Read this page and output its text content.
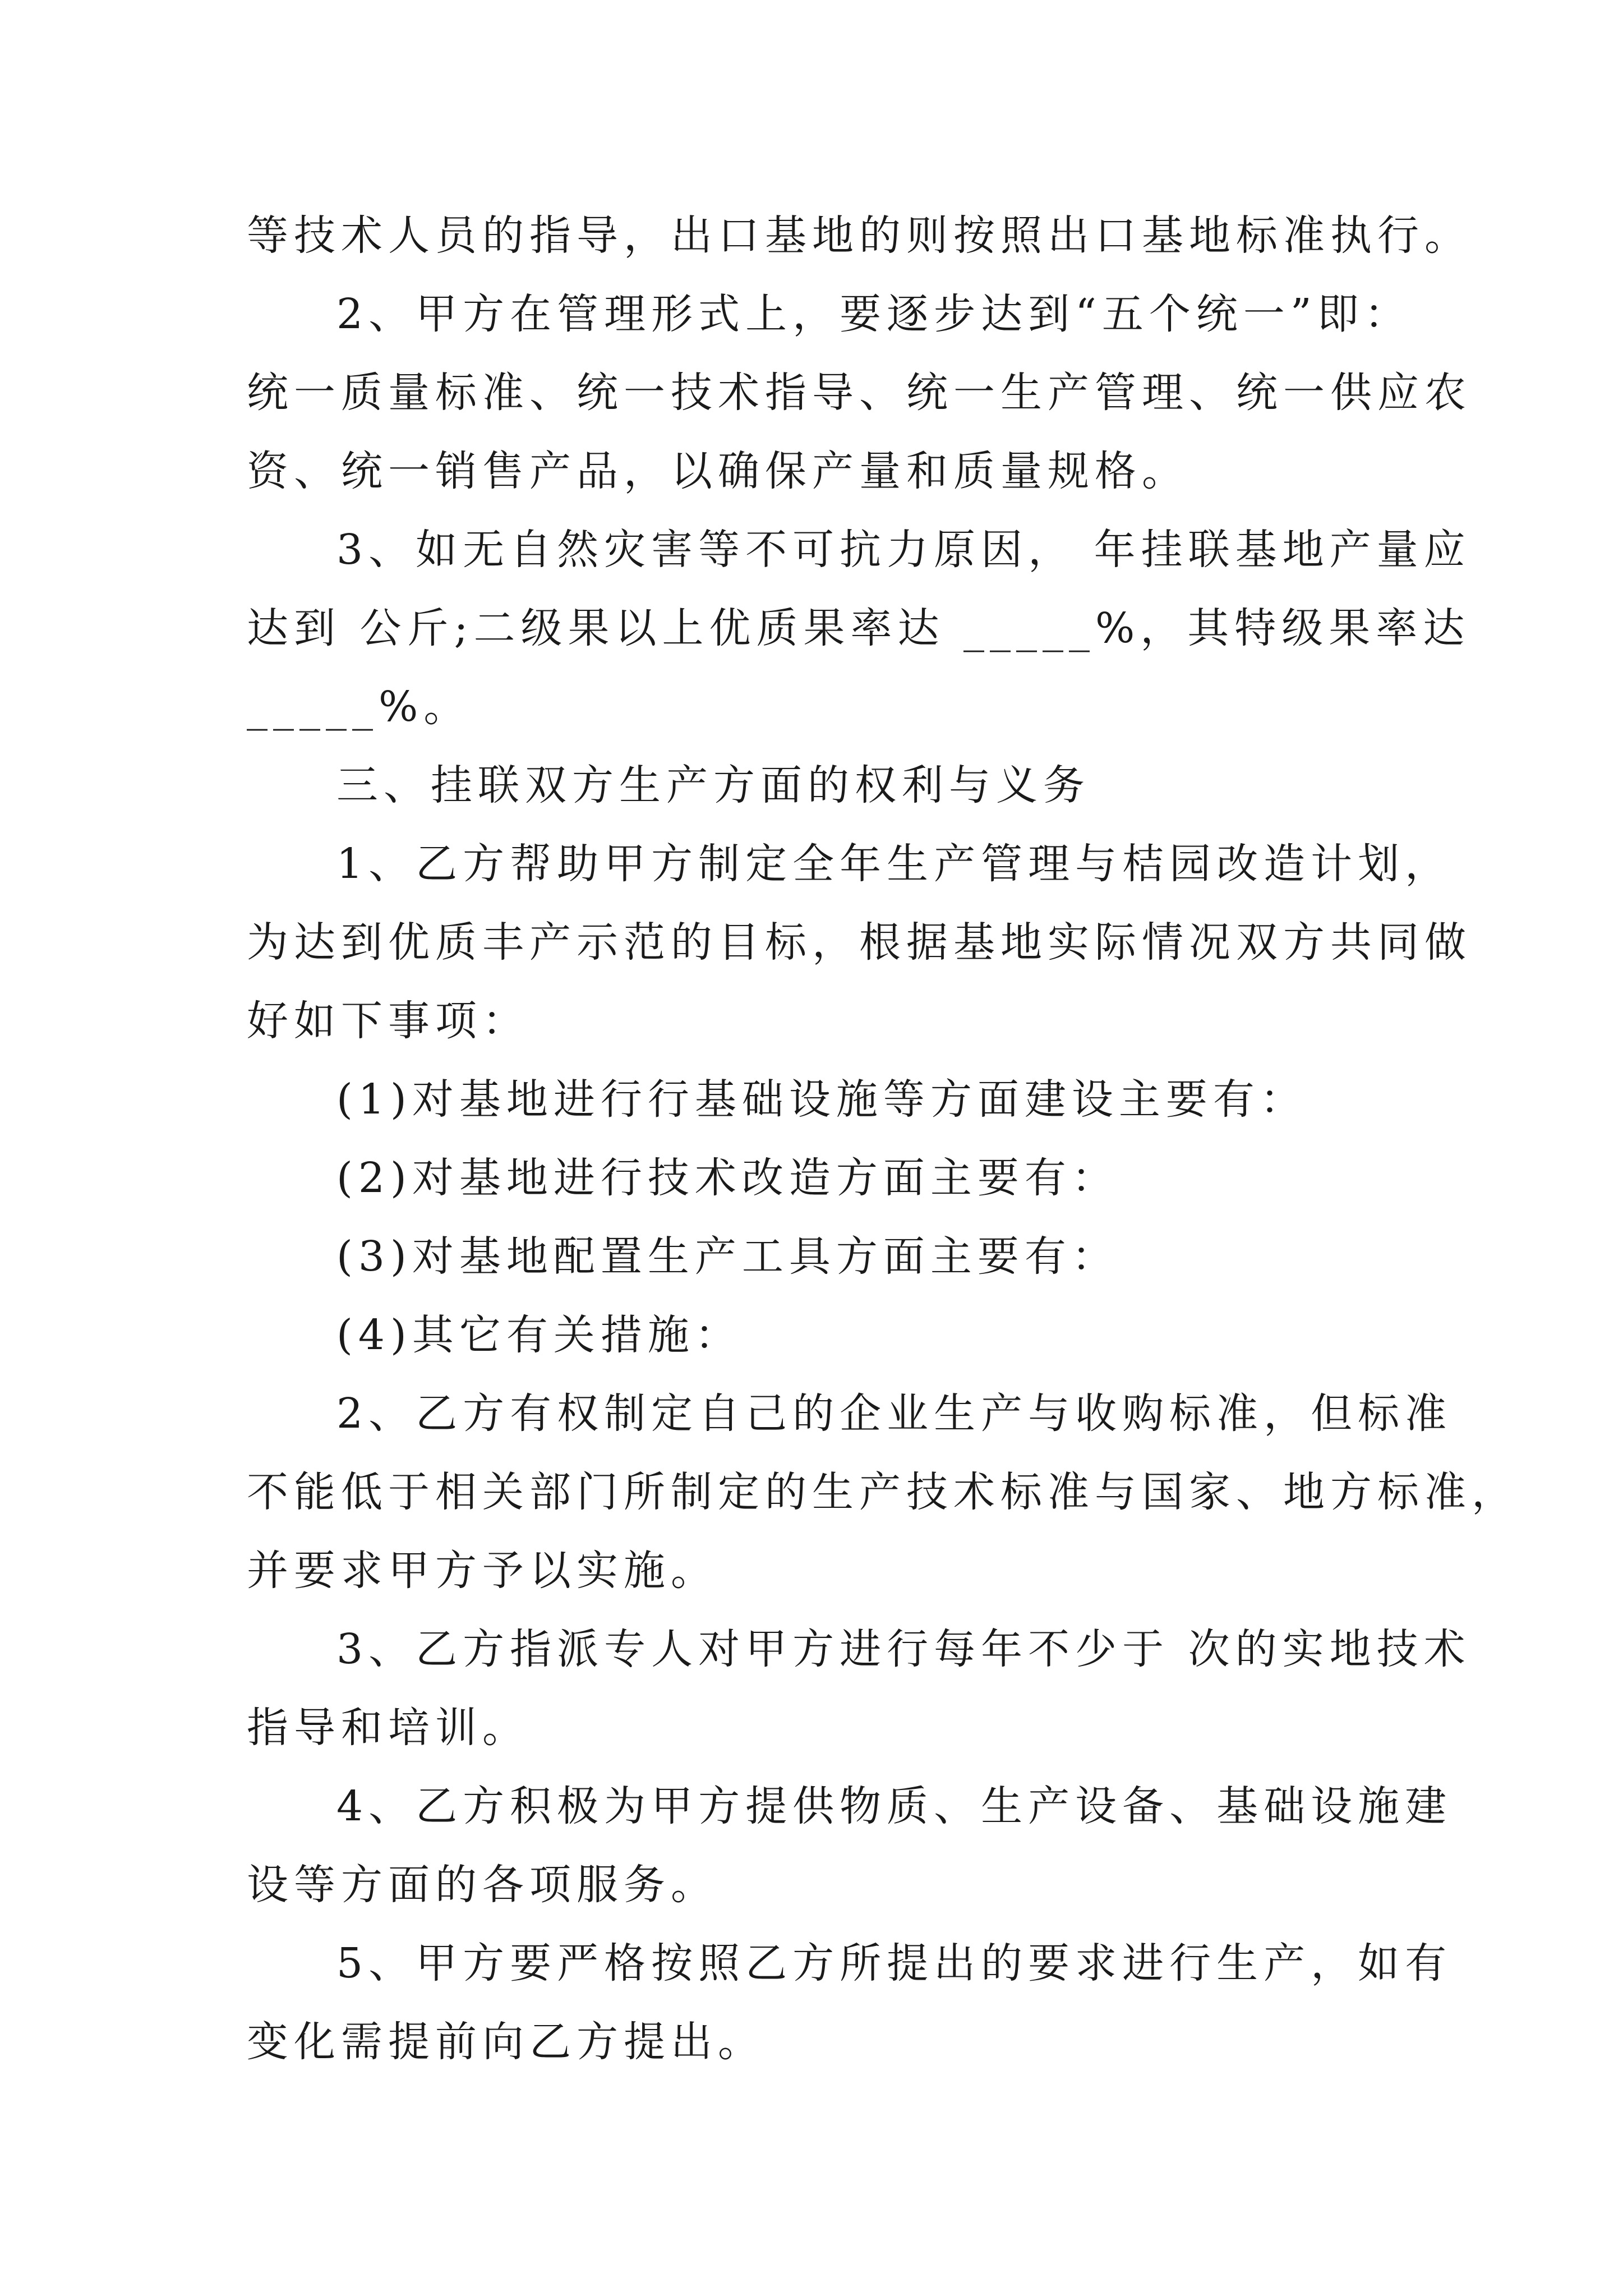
等技术人员的指导，出口基地的则按照出口基地标准执行。
2、甲方在管理形式上，要逐步达到“五个统一”即：
统一质量标准、统一技术指导、统一生产管理、统一供应农
资、统一销售产品，以确保产量和质量规格。
3、如无自然灾害等不可抗力原因， 年挂联基地产量应
达到 公斤;二级果以上优质果率达 _____%，其特级果率达
_____%。
三、挂联双方生产方面的权利与义务
1、乙方帮助甲方制定全年生产管理与桔园改造计划，
为达到优质丰产示范的目标，根据基地实际情况双方共同做
好如下事项：
(1)对基地进行行基础设施等方面建设主要有：
(2)对基地进行技术改造方面主要有：
(3)对基地配置生产工具方面主要有：
(4)其它有关措施：
2、乙方有权制定自己的企业生产与收购标准，但标准
不能低于相关部门所制定的生产技术标准与国家、地方标准，
并要求甲方予以实施。
3、乙方指派专人对甲方进行每年不少于 次的实地技术
指导和培训。
4、乙方积极为甲方提供物质、生产设备、基础设施建
设等方面的各项服务。
5、甲方要严格按照乙方所提出的要求进行生产，如有
变化需提前向乙方提出。
